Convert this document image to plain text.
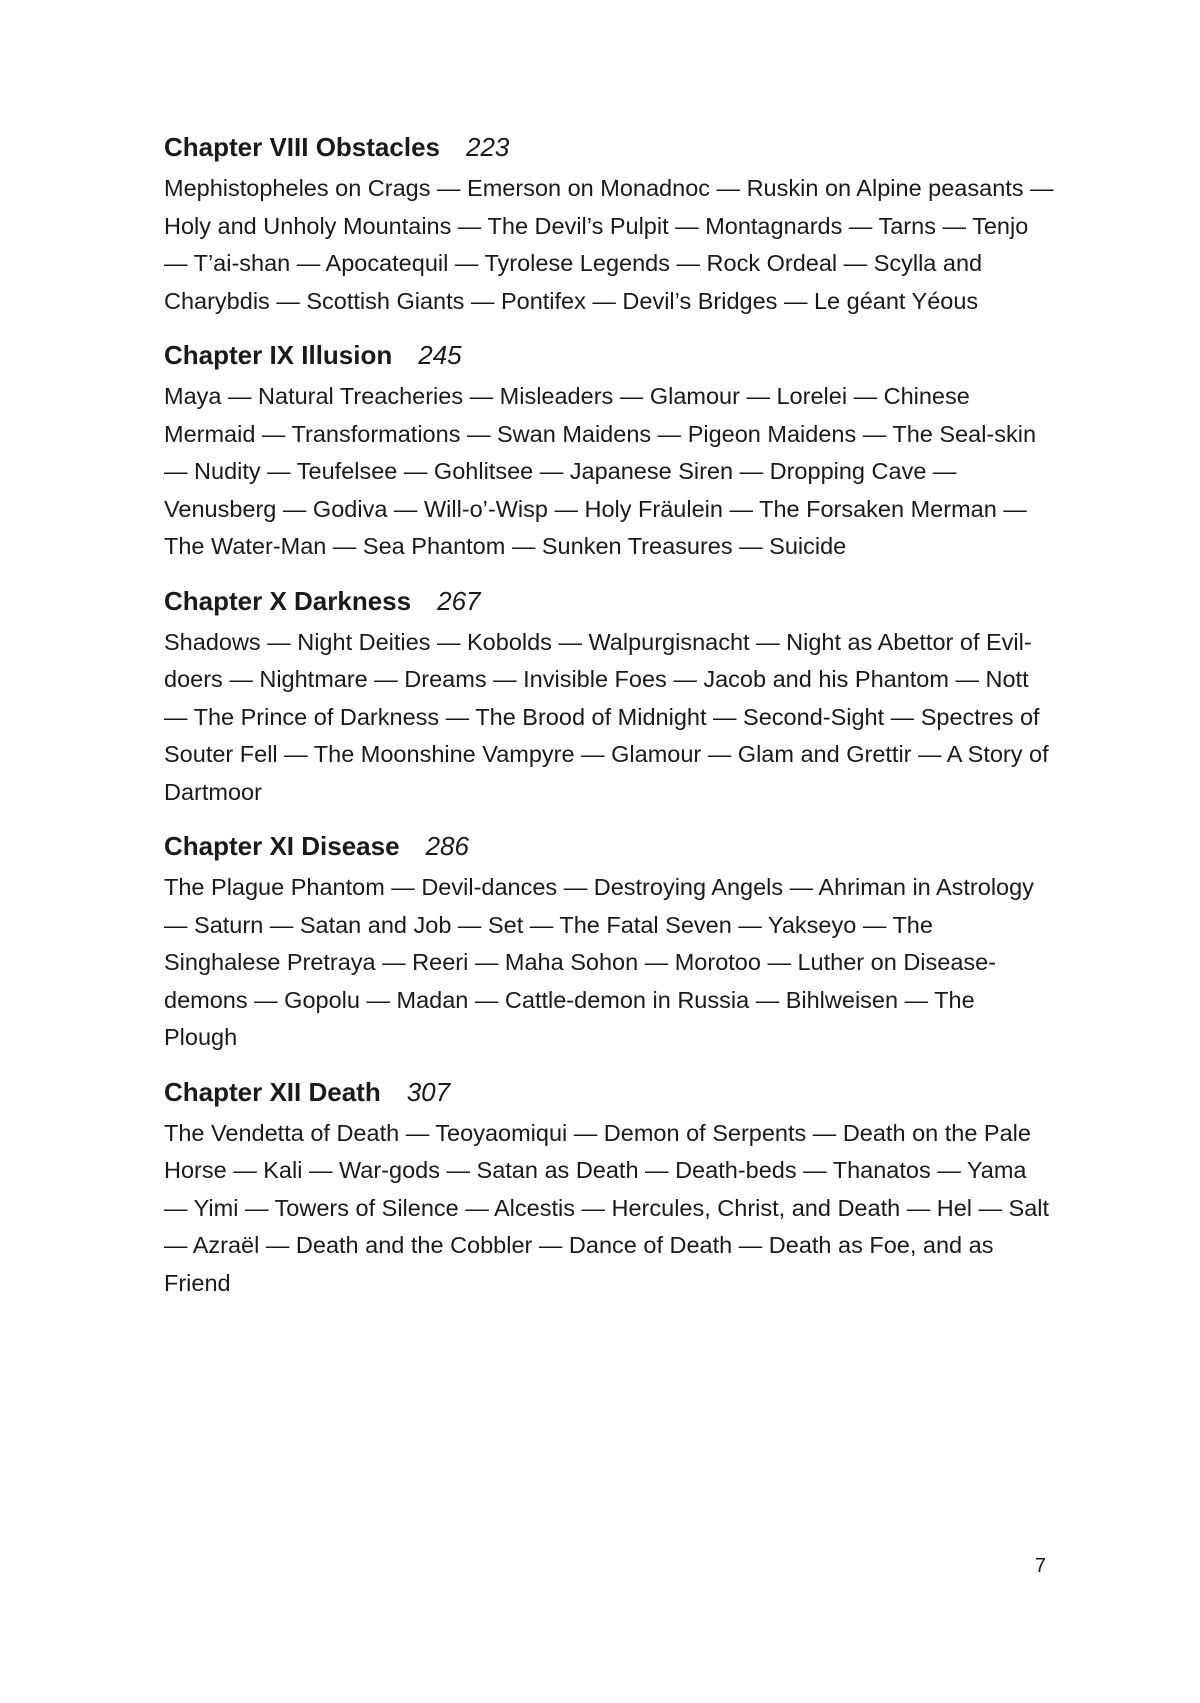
Chapter VIII Obstacles 223

Mephistopheles on Crags — Emerson on Monadnoc — Ruskin on Alpine peasants — Holy and Unholy Mountains — The Devil’s Pulpit — Montagnards — Tarns — Tenjo — T’ai-shan — Apocatequil — Tyrolese Legends — Rock Ordeal — Scylla and Charybdis — Scottish Giants — Pontifex — Devil’s Bridges — Le géant Yéous

Chapter IX Illusion 245

Maya — Natural Treacheries — Misleaders — Glamour — Lorelei — Chinese Mermaid — Transformations — Swan Maidens — Pigeon Maidens — The Seal-skin — Nudity — Teufelsee — Gohlitsee — Japanese Siren — Dropping Cave — Venusberg — Godiva — Will-o’-Wisp — Holy Fräulein — The Forsaken Merman — The Water-Man — Sea Phantom — Sunken Treasures — Suicide

Chapter X Darkness 267

Shadows — Night Deities — Kobolds — Walpurgisnacht — Night as Abettor of Evil-doers — Nightmare — Dreams — Invisible Foes — Jacob and his Phantom — Nott — The Prince of Darkness — The Brood of Midnight — Second-Sight — Spectres of Souter Fell — The Moonshine Vampyre — Glamour — Glam and Grettir — A Story of Dartmoor

Chapter XI Disease 286

The Plague Phantom — Devil-dances — Destroying Angels — Ahriman in Astrology — Saturn — Satan and Job — Set — The Fatal Seven — Yakseyo — The Singhalese Pretraya — Reeri — Maha Sohon — Morotoo — Luther on Disease-demons — Gopolu — Madan — Cattle-demon in Russia — Bihlweisen — The Plough

Chapter XII Death 307

The Vendetta of Death — Teoyaomiqui — Demon of Serpents — Death on the Pale Horse — Kali — War-gods — Satan as Death — Death-beds — Thanatos — Yama — Yimi — Towers of Silence — Alcestis — Hercules, Christ, and Death — Hel — Salt — Azraël — Death and the Cobbler — Dance of Death — Death as Foe, and as Friend

7
